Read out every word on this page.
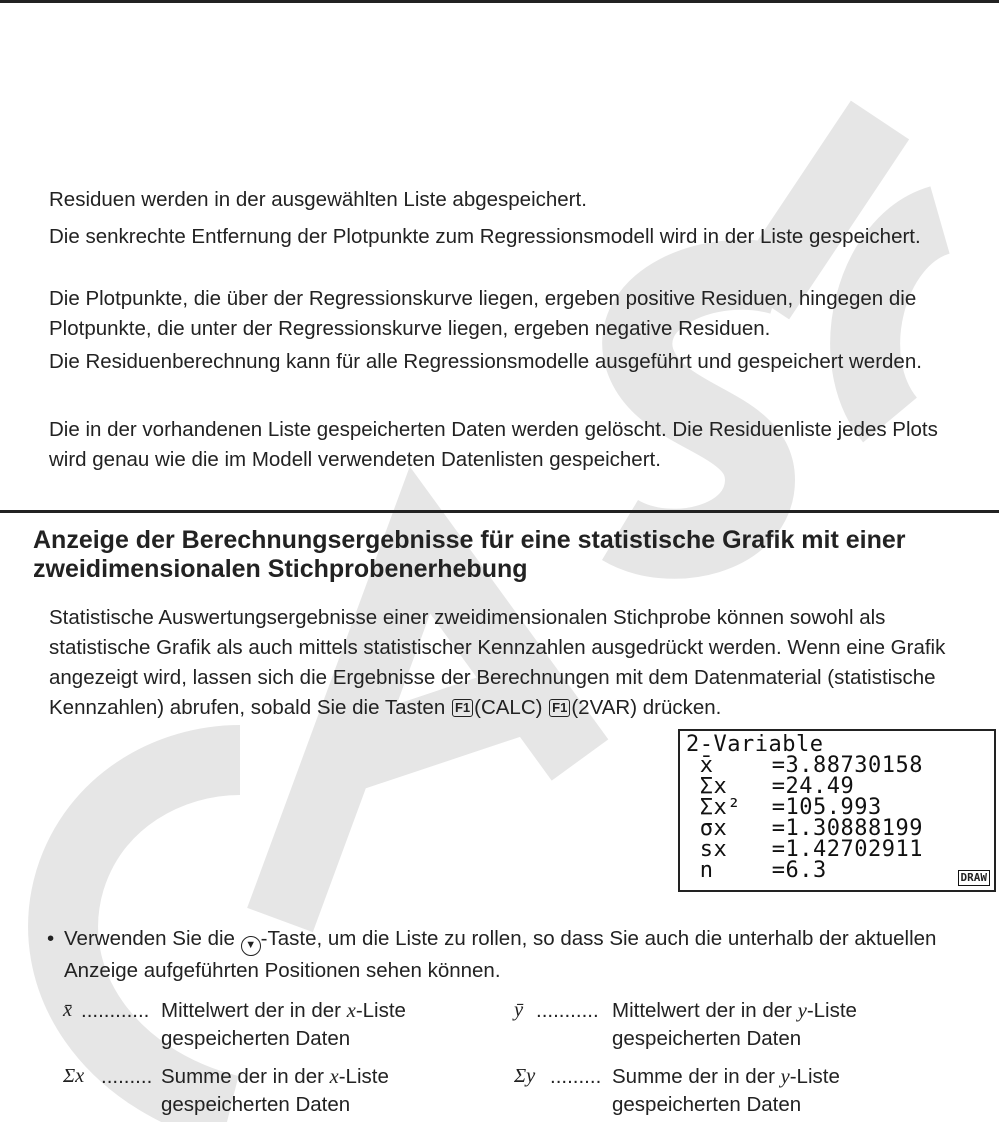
Residuen werden in der ausgewählten Liste abgespeichert.

Die senkrechte Entfernung der Plotpunkte zum Regressionsmodell wird in der Liste gespeichert.

Die Plotpunkte, die über der Regressionskurve liegen, ergeben positive Residuen, hingegen die Plotpunkte, die unter der Regressionskurve liegen, ergeben negative Residuen.

Die Residuenberechnung kann für alle Regressionsmodelle ausgeführt und gespeichert werden.

Die in der vorhandenen Liste gespeicherten Daten werden gelöscht. Die Residuenliste jedes Plots wird genau wie die im Modell verwendeten Datenlisten gespeichert.

Anzeige der Berechnungsergebnisse für eine statistische Grafik mit einer zweidimensionalen Stichprobenerhebung

Statistische Auswertungsergebnisse einer zweidimensionalen Stichprobe können sowohl als statistische Grafik als auch mittels statistischer Kennzahlen ausgedrückt werden. Wenn eine Grafik angezeigt wird, lassen sich die Ergebnisse der Berechnungen mit dem Datenmaterial (statistische Kennzahlen) abrufen, sobald Sie die Tasten F1 (CALC) F1 (2VAR) drücken.

2-Variable
x̄	=3.88730158
Σx =24.49
Σx² =105.993
σx =1.30888199
sx =1.42702911
n	=6.3	DRAW

• Verwenden Sie die ▼ -Taste, um die Liste zu rollen, so dass Sie auch die unterhalb der aktuellen Anzeige aufgeführten Positionen sehen können.

x̄ ............ Mittelwert der in der x-Liste gespeicherten Daten
ȳ ........... Mittelwert der in der y-Liste gespeicherten Daten
Σx ......... Summe der in der x-Liste gespeicherten Daten
Σy ......... Summe der in der y-Liste gespeicherten Daten
